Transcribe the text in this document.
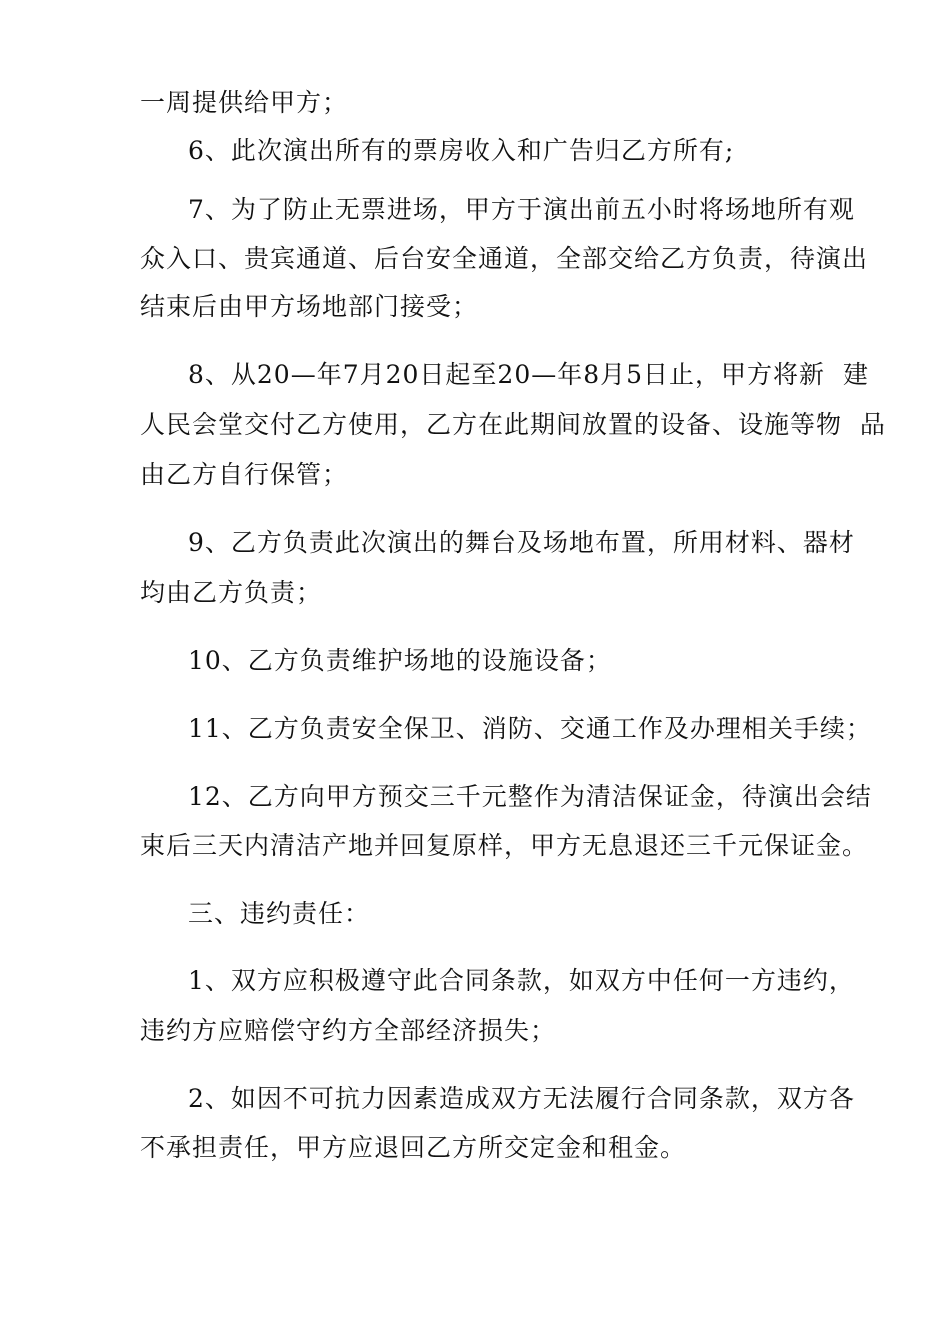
一周提供给甲方；
6、此次演出所有的票房收入和广告归乙方所有;
7、为了防止无票进场，甲方于演出前五小时将场地所有观
众入口、贵宾通道、后台安全通道，全部交给乙方负责，待演出
结束后由甲方场地部门接受；
8、从20—年7月20日起至20—年8月5日止，甲方将新  建
人民会堂交付乙方使用，乙方在此期间放置的设备、设施等物  品
由乙方自行保管；
9、乙方负责此次演出的舞台及场地布置，所用材料、器材
均由乙方负责；
10、乙方负责维护场地的设施设备；
11、乙方负责安全保卫、消防、交通工作及办理相关手续；
12、乙方向甲方预交三千元整作为清洁保证金，待演出会结
束后三天内清洁产地并回复原样，甲方无息退还三千元保证金。
三、违约责任：
1、双方应积极遵守此合同条款，如双方中任何一方违约，
违约方应赔偿守约方全部经济损失；
2、如因不可抗力因素造成双方无法履行合同条款，双方各
不承担责任，甲方应退回乙方所交定金和租金。
